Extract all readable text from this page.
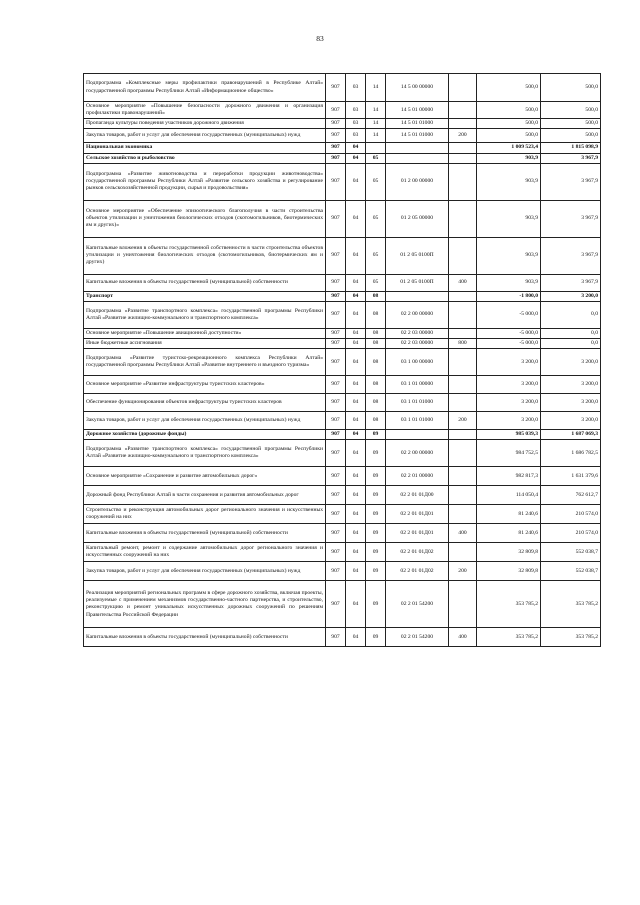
83
Подпрограмма «Комплексные меры профилактики правонарушений в Республике Алтай» государственной программы Республики Алтай «Информационное общество»	907	03	14	14 5 00 00000		500,0	500,0
Основное мероприятие «Повышение безопасности дорожного движения и организация профилактики правонарушений»	907	03	14	14 5 01 00000		500,0	500,0
Пропаганда культуры поведения участников дорожного движения	907	03	14	14 5 01 01000		500,0	500,0
Закупка товаров, работ и услуг для обеспечения государственных (муниципальных) нужд	907	03	14	14 5 01 01000	200	500,0	500,0
Национальная экономика	907	04				1 009 523,4	1 815 098,9
Сельское хозяйство и рыболовство	907	04	05			903,9	3 967,9
Подпрограмма «Развитие животноводства и переработки продукции животноводства» государственной программы Республики Алтай «Развитие сельского хозяйства и регулирование рынков сельскохозяйственной продукции, сырья и продовольствия»	907	04	05	01 2 00 00000		903,9	3 967,9
Основное мероприятие «Обеспечение эпизоотического благополучия в части строительства объектов утилизации и уничтожения биологических отходов (скотомогильников, биотермических ям и других)»	907	04	05	01 2 05 00000		903,9	3 967,9
Капитальные вложения в объекты государственной собственности в части строительства объектов утилизации и уничтожения биологических отходов (скотомогильников, биотермических ям и других)	907	04	05	01 2 05 0100П		903,9	3 967,9
Капитальные вложения в объекты государственной (муниципальной) собственности	907	04	05	01 2 05 0100П	400	903,9	3 967,9
Транспорт	907	04	08			-1 800,0	3 200,0
Подпрограмма «Развитие транспортного комплекса» государственной программы Республики Алтай «Развитие жилищно-коммунального и транспортного комплекса»	907	04	08	02 2 00 00000		-5 000,0	0,0
Основное мероприятие «Повышение авиационной доступности»	907	04	08	02 2 03 00000		-5 000,0	0,0
Иные бюджетные ассигнования	907	04	08	02 2 03 00000	800	-5 000,0	0,0
Подпрограмма «Развитие туристско-рекреационного комплекса Республики Алтай» государственной программы Республики Алтай «Развитие внутреннего и въездного туризма»	907	04	08	03 1 00 00000		3 200,0	3 200,0
Основное мероприятие «Развитие инфраструктуры туристских кластеров»	907	04	08	03 1 01 00000		3 200,0	3 200,0
Обеспечение функционирования объектов инфраструктуры туристских кластеров	907	04	08	03 1 01 01000		3 200,0	3 200,0
Закупка товаров, работ и услуг для обеспечения государственных (муниципальных) нужд	907	04	08	03 1 01 01000	200	3 200,0	3 200,0
Дорожное хозяйство (дорожные фонды)	907	04	09			985 039,3	1 687 069,3
Подпрограмма «Развитие транспортного комплекса» государственной программы Республики Алтай «Развитие жилищно-коммунального и транспортного комплекса»	907	04	09	02 2 00 00000		984 752,5	1 686 782,5
Основное мероприятие «Сохранение и развитие автомобильных дорог»	907	04	09	02 2 01 00000		982 817,3	1 631 379,6
Дорожный фонд Республики Алтай в части сохранения и развития автомобильных дорог	907	04	09	02 2 01 01Д00		114 050,4	762 612,7
Строительство и реконструкция автомобильных дорог регионального значения и искусственных сооружений на них	907	04	09	02 2 01 01Д01		81 240,6	210 574,0
Капитальные вложения в объекты государственной (муниципальной) собственности	907	04	09	02 2 01 01Д01	400	81 240,6	210 574,0
Капитальный ремонт, ремонт и содержание автомобильных дорог регионального значения и искусственных сооружений на них	907	04	09	02 2 01 01Д02		32 809,8	552 038,7
Закупка товаров, работ и услуг для обеспечения государственных (муниципальных) нужд	907	04	09	02 2 01 01Д02	200	32 809,8	552 038,7
Реализация мероприятий региональных программ в сфере дорожного хозяйства, включая проекты, реализуемые с применением механизмов государственно-частного партнерства, и строительство, реконструкцию и ремонт уникальных искусственных дорожных сооружений по решениям Правительства Российской Федерации	907	04	09	02 2 01 54200		353 785,2	353 785,2
Капитальные вложения в объекты государственной (муниципальной) собственности	907	04	09	02 2 01 54200	400	353 785,2	353 785,2
